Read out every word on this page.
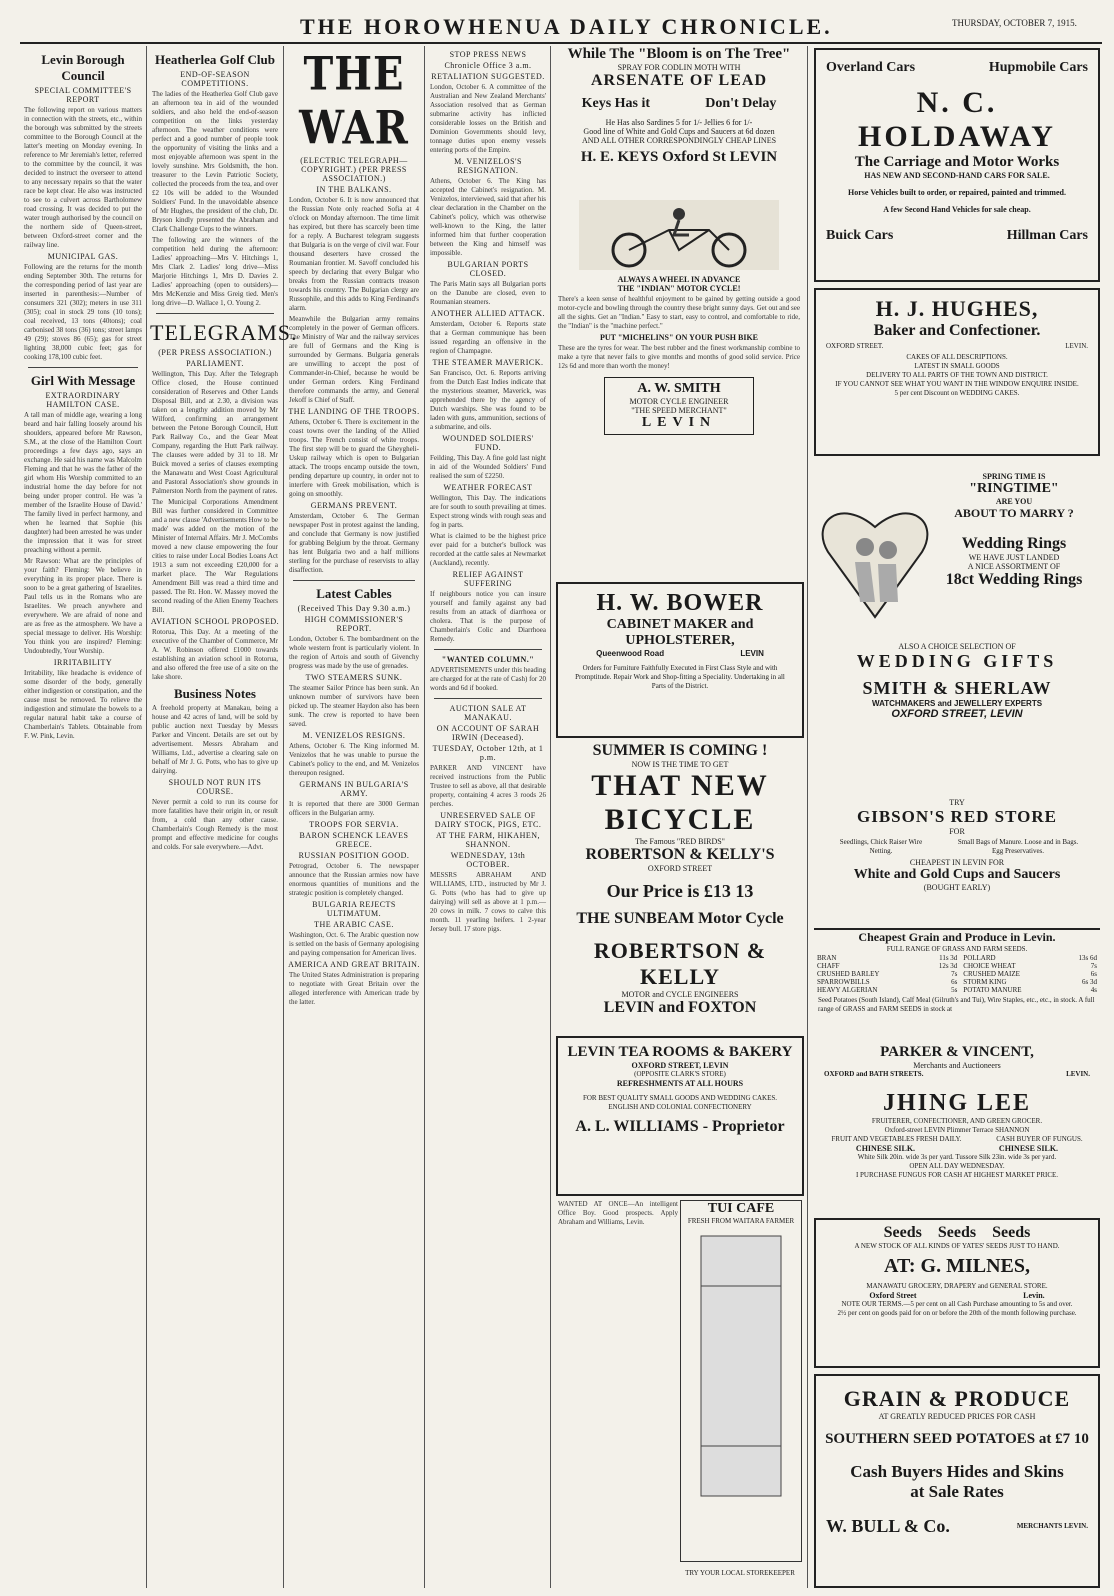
THE HOROWHENUA DAILY CHRONICLE.	THURSDAY, OCTOBER 7, 1915.
Levin Borough Council
SPECIAL COMMITTEE'S REPORT

The following report on various matters in connection with the streets, etc., within the borough was submitted by the streets committee to the Borough Council at the latter's meeting on Monday evening. In reference to Mr Jeremiah's letter, referred to the committee by the council, it was decided to instruct the overseer to attend to any necessary repairs so that the water race be kept clear. He also was instructed to see to a culvert across Bartholomew road crossing. It was decided to put the water trough authorised by the council on the northern side of Queen-street, between Oxford-street corner and the railway line.

MUNICIPAL GAS.

Following are the returns for the month ending September 30th. The returns for the corresponding period of last year are inserted in parenthesis:—Number of consumers 321 (302); meters in use 311 (305); coal in stock 29 tons (10 tons); coal received, 13 tons (40tons); coal carbonised 38 tons (36) tons; street lamps 49 (29); stoves 86 (65); gas for street lighting 38,000 cubic feet; gas for cooking 178,100 cubic feet.

Girl With Message
EXTRAORDINARY HAMILTON CASE.

A tall man of middle age, wearing a long beard and hair falling loosely around his shoulders, appeared before Mr Rawson, S.M., at the close of the Hamilton Court proceedings a few days ago, says an exchange. He said his name was Malcolm Fleming and that he was the father of the girl whom His Worship committed to an industrial home the day before for not being under proper control. He was 'a member of the Israelite House of David.' The family lived in perfect harmony, and when he learned that Sophie (his daughter) had been arrested he was under the impression that it was for street preaching without a permit.

Mr Rawson: What are the principles of your faith? Fleming: We believe in everything in its proper place. There is soon to be a great gathering of Israelites. Paul tells us in the Romans who are Israelites. We preach anywhere and everywhere. We are afraid of none and are as free as the atmosphere. We have a special message to deliver. His Worship: You think you are inspired? Fleming: Undoubtedly, Your Worship.

IRRITABILITY

Irritability, like headache is evidence of some disorder of the body, generally either indigestion or constipation, and the cause must be removed. To relieve the indigestion and stimulate the bowels to a regular natural habit take a course of Chamberlain's Tablets. Obtainable from F. W. Pink, Levin.

Heatherlea Golf Club
END-OF-SEASON COMPETITIONS.

The ladies of the Heatherlea Golf Club gave an afternoon tea in aid of the wounded soldiers, and also held the end-of-season competition on the links yesterday afternoon. The weather conditions were perfect and a good number of people took the opportunity of visiting the links and a most enjoyable afternoon was spent in the lovely sunshine. Mrs Goldsmith, the hon. treasurer to the Levin Patriotic Society, collected the proceeds from the tea, and over £2 10s will be added to the Wounded Soldiers' Fund. In the unavoidable absence of Mr Hughes, the president of the club, Dr. Bryson kindly presented the Abraham and Clark Challenge Cups to the winners.

The following are the winners of the competition held during the afternoon: Ladies' approaching—Mrs V. Hitchings 1, Mrs Clark 2. Ladies' long drive—Miss Marjorie Hitchings 1, Mrs D. Davies 2. Ladies' approaching (open to outsiders)—Mrs McKenzie and Miss Greig tied. Men's long drive—D. Wallace 1, O. Young 2.

TELEGRAMS.
(PER PRESS ASSOCIATION.)
PARLIAMENT.

Wellington, This Day. After the Telegraph Office closed, the House continued consideration of Reserves and Other Lands Disposal Bill, and at 2.30, a division was taken on a lengthy addition moved by Mr Wilford, confirming an arrangement between the Petone Borough Council, Hutt Park Railway Co., and the Gear Meat Company, regarding the Hutt Park railway. The clauses were added by 31 to 18. Mr Buick moved a series of clauses exempting the Manawatu and West Coast Agricultural and Pastoral Association's show grounds in Palmerston North from the payment of rates.

The Municipal Corporations Amendment Bill was further considered in Committee and a new clause 'Advertisements How to be made' was added on the motion of the Minister of Internal Affairs. Mr J. McCombs moved a new clause empowering the four cities to raise under Local Bodies Loans Act 1913 a sum not exceeding £20,000 for a market place. The War Regulations Amendment Bill was read a third time and passed. The Rt. Hon. W. Massey moved the second reading of the Alien Enemy Teachers Bill.

AVIATION SCHOOL PROPOSED.

Rotorua, This Day. At a meeting of the executive of the Chamber of Commerce, Mr A. W. Robinson offered £1000 towards establishing an aviation school in Rotorua, and also offered the free use of a site on the lake shore.

Business Notes

A freehold property at Manakau, being a house and 42 acres of land, will be sold by public auction next Tuesday by Messrs Parker and Vincent. Details are set out by advertisement. Messrs Abraham and Williams, Ltd., advertise a clearing sale on behalf of Mr J. G. Potts, who has to give up dairying.

SHOULD NOT RUN ITS COURSE.

Never permit a cold to run its course for more fatalities have their origin in, or result from, a cold than any other cause. Chamberlain's Cough Remedy is the most prompt and effective medicine for coughs and colds. For sale everywhere.—Advt.

THE WAR
(ELECTRIC TELEGRAPH—COPYRIGHT.) (PER PRESS ASSOCIATION.)
IN THE BALKANS.

London, October 6. It is now announced that the Russian Note only reached Sofia at 4 o'clock on Monday afternoon. The time limit has expired, but there has scarcely been time for a reply. A Bucharest telegram suggests that Bulgaria is on the verge of civil war. Four thousand deserters have crossed the Roumanian frontier. M. Savoff concluded his speech by declaring that every Bulgar who breaks from the Russian contracts treason towards his country. The Bulgarian clergy are Russophile, and this adds to King Ferdinand's alarm.

Meanwhile the Bulgarian army remains completely in the power of German officers. The Ministry of War and the railway services are full of Germans and the King is surrounded by Germans. Bulgaria generals are unwilling to accept the post of Commander-in-Chief, because he would be under German orders. King Ferdinand therefore commands the army, and General Jekoff is Chief of Staff.

THE LANDING OF THE TROOPS.

Athens, October 6. There is excitement in the coast towns over the landing of the Allied troops. The French consist of white troops. The first step will be to guard the Gheygheli-Uskup railway which is open to Bulgarian attack. The troops encamp outside the town, pending departure up country, in order not to interfere with Greek mobilisation, which is going on smoothly.

GERMANS PREVENT.

Amsterdam, October 6. The German newspaper Post in protest against the landing, and conclude that Germany is now justified for grabbing Belgium by the throat. Germany has lent Bulgaria two and a half millions sterling for the purchase of reservists to allay disaffection.

Latest Cables
(Received This Day 9.30 a.m.)
HIGH COMMISSIONER'S REPORT.

London, October 6. The bombardment on the whole western front is particularly violent. In the region of Artois and south of Givenchy progress was made by the use of grenades.

TWO STEAMERS SUNK.

The steamer Sailor Prince has been sunk. An unknown number of survivors have been picked up. The steamer Haydon also has been sunk. The crew is reported to have been saved.

M. VENIZELOS RESIGNS.

Athens, October 6. The King informed M. Venizelos that he was unable to pursue the Cabinet's policy to the end, and M. Venizelos thereupon resigned.

GERMANS IN BULGARIA'S ARMY.

It is reported that there are 3000 German officers in the Bulgarian army.

TROOPS FOR SERVIA.
BARON SCHENCK LEAVES GREECE.
RUSSIAN POSITION GOOD.

Petrograd, October 6. The newspaper announce that the Russian armies now have enormous quantities of munitions and the strategic position is completely changed.

BULGARIA REJECTS ULTIMATUM.
THE ARABIC CASE.

Washington, Oct. 6. The Arabic question now is settled on the basis of Germany apologising and paying compensation for American lives.

AMERICA AND GREAT BRITAIN.

The United States Administration is preparing to negotiate with Great Britain over the alleged interference with American trade by the latter.

STOP PRESS NEWS
Chronicle Office 3 a.m.
RETALIATION SUGGESTED.

London, October 6. A committee of the Australian and New Zealand Merchants' Association resolved that as German submarine activity has inflicted considerable losses on the British and Dominion Governments should levy, tonnage duties upon enemy vessels entering ports of the Empire.

M. VENIZELOS'S RESIGNATION.

Athens, October 6. The King has accepted the Cabinet's resignation. M. Venizelos, interviewed, said that after his clear declaration in the Chamber on the Cabinet's policy, which was otherwise well-known to the King, the latter informed him that further cooperation between the King and himself was impossible.

BULGARIAN PORTS CLOSED.

The Paris Matin says all Bulgarian ports on the Danube are closed, even to Roumanian steamers.

ANOTHER ALLIED ATTACK.

Amsterdam, October 6. Reports state that a German communique has been issued regarding an offensive in the region of Champagne.

THE STEAMER MAVERICK.

San Francisco, Oct. 6. Reports arriving from the Dutch East Indies indicate that the mysterious steamer, Maverick, was apprehended there by the agency of Dutch warships. She was found to be laden with guns, ammunition, sections of a submarine, and oils.

WOUNDED SOLDIERS' FUND.

Feilding, This Day. A fine gold last night in aid of the Wounded Soldiers' Fund realised the sum of £2250.

WEATHER FORECAST

Wellington, This Day. The indications are for south to south prevailing at times. Expect strong winds with rough seas and fog in parts.

What is claimed to be the highest price ever paid for a butcher's bullock was recorded at the cattle sales at Newmarket (Auckland), recently.

RELIEF AGAINST SUFFERING

If neighbours notice you can insure yourself and family against any bad results from an attack of diarrhoea or cholera. That is the purpose of Chamberlain's Colic and Diarrhoea Remedy.

"WANTED COLUMN."

ADVERTISEMENTS under this heading are charged for at the rate of Cash) for 20 words and 6d if booked.

AUCTION SALE AT MANAKAU.
ON ACCOUNT OF SARAH IRWIN (Deceased).
TUESDAY, October 12th, at 1 p.m.

PARKER AND VINCENT have received instructions from the Public Trustee to sell as above, all that desirable property, containing 4 acres 3 roods 26 perches.

UNRESERVED SALE OF DAIRY STOCK, PIGS, ETC.
AT THE FARM, HIKAHEN, SHANNON.
WEDNESDAY, 13th OCTOBER.

MESSRS ABRAHAM AND WILLIAMS, LTD., instructed by Mr J. G. Potts (who has had to give up dairying) will sell as above at 1 p.m.— 20 cows in milk. 7 cows to calve this month. 11 yearling heifers. 1 2-year Jersey bull. 17 store pigs.

While The "Bloom is on The Tree"
SPRAY FOR CODLIN MOTH WITH
ARSENATE OF LEAD
Keys Has it	Don't Delay
He Has also Sardines 5 for 1/- Jellies 6 for 1/-
Good line of White and Gold Cups and Saucers at 6d dozen
AND ALL OTHER CORRESPONDINGLY CHEAP LINES
H. E. KEYS Oxford St LEVIN
ALWAYS A WHEEL IN ADVANCE
THE "INDIAN" MOTOR CYCLE!

There's a keen sense of healthful enjoyment to be gained by getting outside a good motor-cycle and bowling through the country these bright sunny days. Get out and see all the sights. Get an "Indian." Easy to start, easy to control, and comfortable to ride, the "Indian" is the "machine perfect."

PUT "MICHELINS" ON YOUR PUSH BIKE

These are the tyres for wear. The best rubber and the finest workmanship combine to make a tyre that never fails to give months and months of good solid service. Price 12s 6d and more than worth the money!

A. W. SMITH
MOTOR CYCLE ENGINEER
"THE SPEED MERCHANT"
LEVIN
H. W. BOWER
CABINET MAKER and UPHOLSTERER,
Queenwood Road	LEVIN
Orders for Furniture Faithfully Executed in First Class Style and with Promptitude. Repair Work and Shop-fitting a Speciality. Undertaking in all Parts of the District.
SUMMER IS COMING !
NOW IS THE TIME TO GET
THAT NEW BICYCLE
The Famous "RED BIRDS"
ROBERTSON & KELLY'S
OXFORD STREET
Our Price is £13 13
THE SUNBEAM Motor Cycle
ROBERTSON & KELLY
MOTOR and CYCLE ENGINEERS
LEVIN and FOXTON
LEVIN TEA ROOMS & BAKERY
OXFORD STREET, LEVIN
(OPPOSITE CLARK'S STORE)
REFRESHMENTS AT ALL HOURS
FOR BEST QUALITY SMALL GOODS AND WEDDING CAKES. ENGLISH AND COLONIAL CONFECTIONERY
A. L. WILLIAMS - Proprietor
WANTED AT ONCE—An intelligent Office Boy. Good prospects. Apply Abraham and Williams, Levin.
TUI CAFE
FRESH FROM WAITARA FARMER
TRY YOUR LOCAL STOREKEEPER
Overland Cars	Hupmobile Cars
N. C. HOLDAWAY
The Carriage and Motor Works
HAS NEW AND SECOND-HAND CARS FOR SALE.
Horse Vehicles built to order, or repaired, painted and trimmed.
A few Second Hand Vehicles for sale cheap.
Buick Cars	Hillman Cars
H. J. HUGHES,
Baker and Confectioner.
OXFORD STREET.	LEVIN.
CAKES OF ALL DESCRIPTIONS.
LATEST IN SMALL GOODS
DELIVERY TO ALL PARTS OF THE TOWN AND DISTRICT.
IF YOU CANNOT SEE WHAT YOU WANT IN THE WINDOW ENQUIRE INSIDE.
5 per cent Discount on WEDDING CAKES.
SPRING TIME IS
"RINGTIME"
ARE YOU
ABOUT TO MARRY ?
Wedding Rings
WE HAVE JUST LANDED
A NICE ASSORTMENT OF
18ct Wedding Rings
ALSO A CHOICE SELECTION OF
WEDDING GIFTS
SMITH & SHERLAW
WATCHMAKERS and JEWELLERY EXPERTS
OXFORD STREET, LEVIN
TRY
GIBSON'S RED STORE
FOR
Seedlings, Chick Raiser Wire Netting.
Small Bags of Manure. Loose and in Bags. Egg Preservatives.
CHEAPEST IN LEVIN FOR
White and Gold Cups and Saucers
(BOUGHT EARLY)
Cheapest Grain and Produce in Levin.
FULL RANGE OF GRASS AND FARM SEEDS.
BRAN	11s 3d	POLLARD	13s 6d
CHAFF	12s 3d	CHOICE WHEAT	7s
CRUSHED BARLEY	7s	CRUSHED MAIZE	6s
SPARROWBILLS	6s	STORM KING	6s 3d
HEAVY ALGERIAN	5s	POTATO MANURE	4s
Seed Potatoes (South Island), Calf Meal (Gilruth's and Tui), Wire Staples, etc., etc., in stock. A full range of GRASS and FARM SEEDS in stock at
PARKER & VINCENT,
Merchants and Auctioneers
OXFORD and BATH STREETS.	LEVIN.
JHING LEE
FRUITERER, CONFECTIONER, AND GREEN GROCER.
Oxford-street LEVIN Plimmer Terrace SHANNON
FRUIT AND VEGETABLES FRESH DAILY.	CASH BUYER OF FUNGUS.
CHINESE SILK.	CHINESE SILK.
White Silk 20in. wide 3s per yard. Tussore Silk 23in. wide 3s per yard.
OPEN ALL DAY WEDNESDAY.
I PURCHASE FUNGUS FOR CASH AT HIGHEST MARKET PRICE.
Seeds    Seeds    Seeds
A NEW STOCK OF ALL KINDS OF YATES' SEEDS JUST TO HAND.
AT: G. MILNES,
MANAWATU GROCERY, DRAPERY and GENERAL STORE.
Oxford Street	Levin.
NOTE OUR TERMS.—5 per cent on all Cash Purchase amounting to 5s and over.
2½ per cent on goods paid for on or before the 20th of the month following purchase.
GRAIN & PRODUCE
AT GREATLY REDUCED PRICES FOR CASH
SOUTHERN SEED POTATOES at £7 10
Cash Buyers Hides and Skins
at Sale Rates
W. BULL & Co.	MERCHANTS LEVIN.
